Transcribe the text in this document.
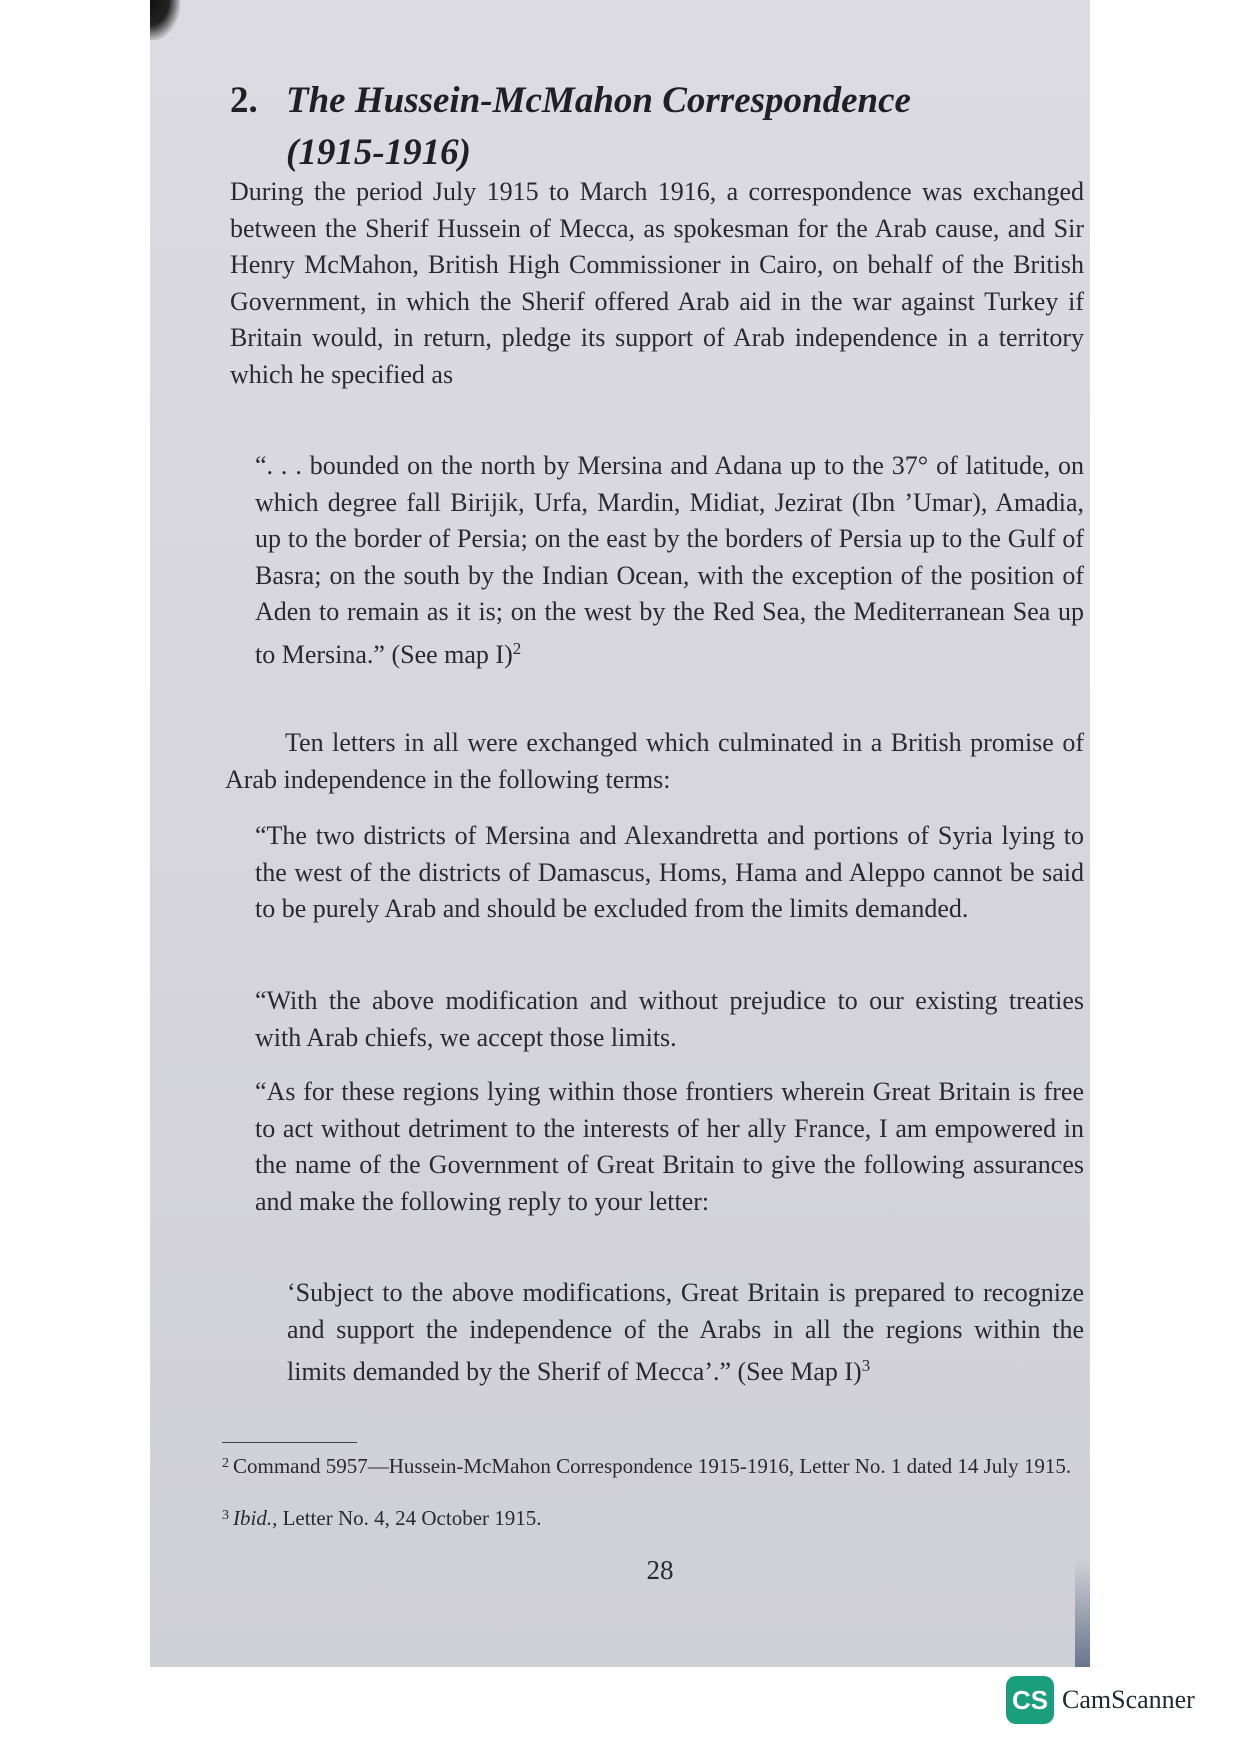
2. The Hussein-McMahon Correspondence
(1915-1916)

During the period July 1915 to March 1916, a correspondence was exchanged between the Sherif Hussein of Mecca, as spokesman for the Arab cause, and Sir Henry McMahon, British High Commissioner in Cairo, on behalf of the British Government, in which the Sherif offered Arab aid in the war against Turkey if Britain would, in return, pledge its support of Arab independence in a territory which he specified as

“. . . bounded on the north by Mersina and Adana up to the 37° of latitude, on which degree fall Birijik, Urfa, Mardin, Midiat, Jezirat (Ibn ’Umar), Amadia, up to the border of Persia; on the east by the borders of Persia up to the Gulf of Basra; on the south by the Indian Ocean, with the exception of the position of Aden to remain as it is; on the west by the Red Sea, the Mediterranean Sea up to Mersina.” (See map I)$^2$

Ten letters in all were exchanged which culminated in a British promise of Arab independence in the following terms:

“The two districts of Mersina and Alexandretta and portions of Syria lying to the west of the districts of Damascus, Homs, Hama and Aleppo cannot be said to be purely Arab and should be excluded from the limits demanded.

“With the above modification and without prejudice to our existing treaties with Arab chiefs, we accept those limits.

“As for these regions lying within those frontiers wherein Great Britain is free to act without detriment to the interests of her ally France, I am empowered in the name of the Government of Great Britain to give the following assurances and make the following reply to your letter:

‘Subject to the above modifications, Great Britain is prepared to recognize and support the independence of the Arabs in all the regions within the limits demanded by the Sherif of Mecca’.” (See Map I)$^3$

$^2$ Command 5957—Hussein-McMahon Correspondence 1915-1916, Letter No. 1 dated 14 July 1915.

$^3$ Ibid., Letter No. 4, 24 October 1915.

28
CS CamScanner
